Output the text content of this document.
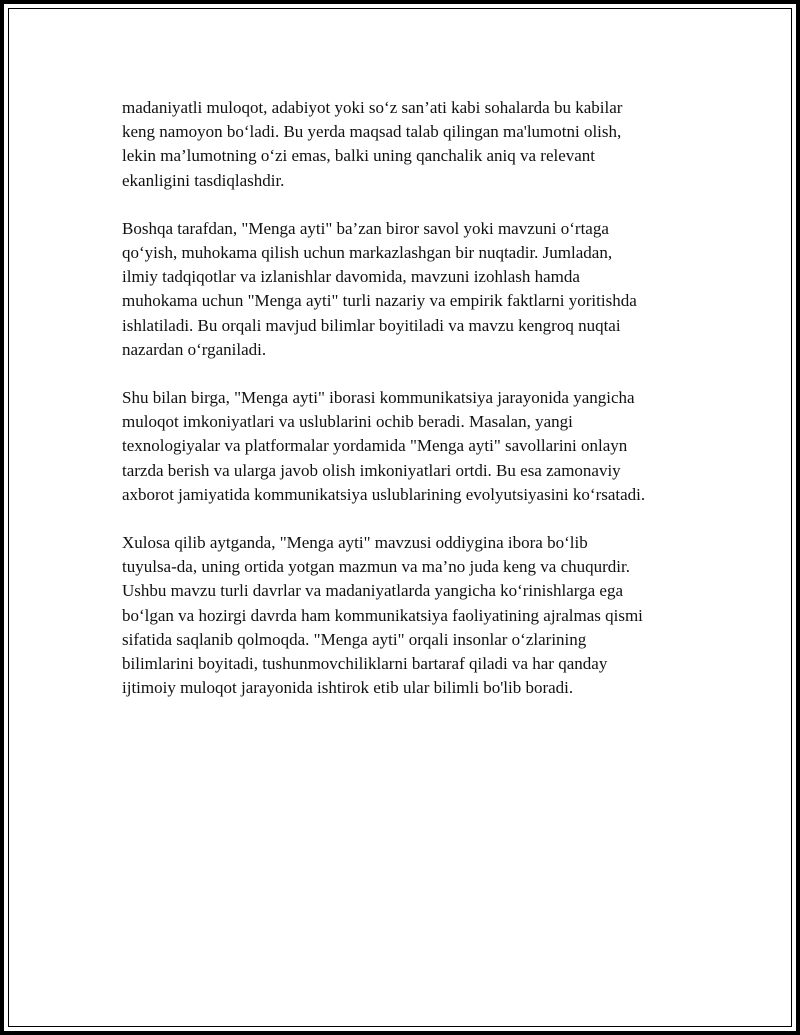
madaniyatli muloqot, adabiyot yoki so‘z san’ati kabi sohalarda bu kabilar
keng namoyon bo‘ladi. Bu yerda maqsad talab qilingan ma'lumotni olish,
lekin ma’lumotning o‘zi emas, balki uning qanchalik aniq va relevant
ekanligini tasdiqlashdir.

Boshqa tarafdan, "Menga ayti" ba’zan biror savol yoki mavzuni o‘rtaga
qo‘yish, muhokama qilish uchun markazlashgan bir nuqtadir. Jumladan,
ilmiy tadqiqotlar va izlanishlar davomida, mavzuni izohlash hamda
muhokama uchun "Menga ayti" turli nazariy va empirik faktlarni yoritishda
ishlatiladi. Bu orqali mavjud bilimlar boyitiladi va mavzu kengroq nuqtai
nazardan o‘rganiladi.

Shu bilan birga, "Menga ayti" iborasi kommunikatsiya jarayonida yangicha
muloqot imkoniyatlari va uslublarini ochib beradi. Masalan, yangi
texnologiyalar va platformalar yordamida "Menga ayti" savollarini onlayn
tarzda berish va ularga javob olish imkoniyatlari ortdi. Bu esa zamonaviy
axborot jamiyatida kommunikatsiya uslublarining evolyutsiyasini ko‘rsatadi.

Xulosa qilib aytganda, "Menga ayti" mavzusi oddiygina ibora bo‘lib
tuyulsa-da, uning ortida yotgan mazmun va ma’no juda keng va chuqurdir.
Ushbu mavzu turli davrlar va madaniyatlarda yangicha ko‘rinishlarga ega
bo‘lgan va hozirgi davrda ham kommunikatsiya faoliyatining ajralmas qismi
sifatida saqlanib qolmoqda. "Menga ayti" orqali insonlar o‘zlarining
bilimlarini boyitadi, tushunmovchiliklarni bartaraf qiladi va har qanday
ijtimoiy muloqot jarayonida ishtirok etib ular bilimli bo'lib boradi.
